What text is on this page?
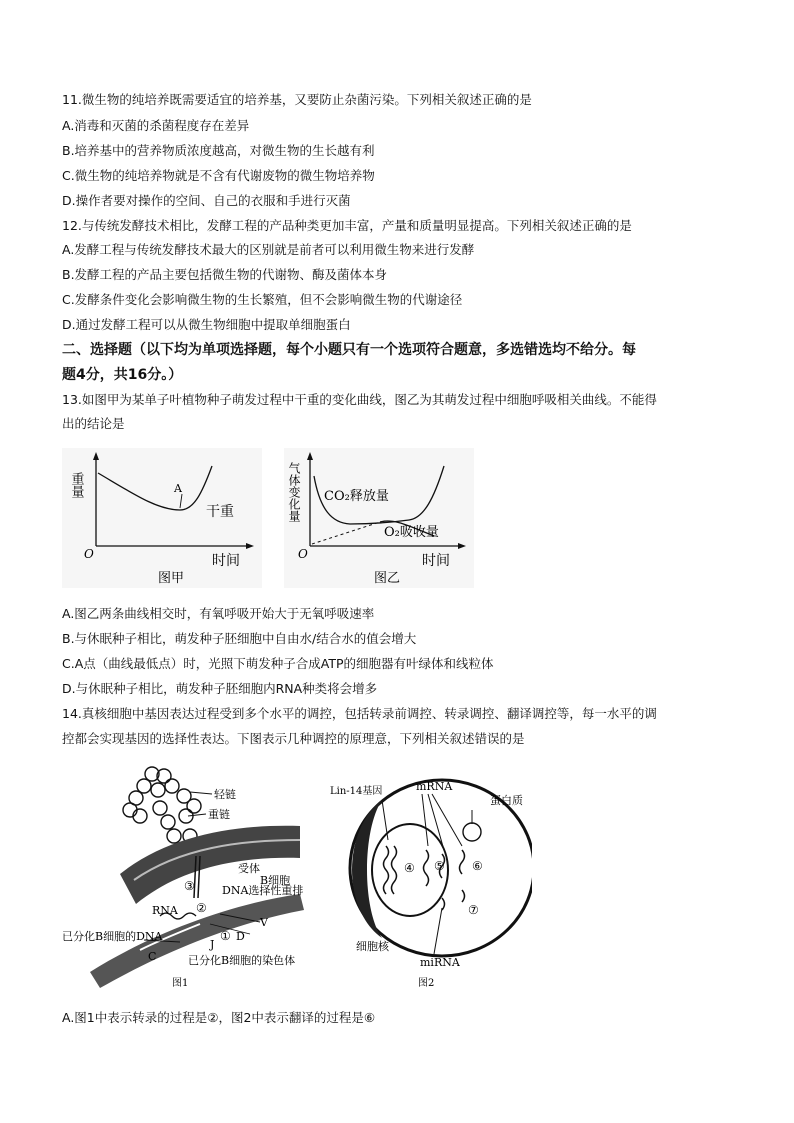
11.微生物的纯培养既需要适宜的培养基，又要防止杂菌污染。下列相关叙述正确的是
A.消毒和灭菌的杀菌程度存在差异
B.培养基中的营养物质浓度越高，对微生物的生长越有利
C.微生物的纯培养物就是不含有代谢废物的微生物培养物
D.操作者要对操作的空间、自己的衣服和手进行灭菌
12.与传统发酵技术相比，发酵工程的产品种类更加丰富，产量和质量明显提高。下列相关叙述正确的是
A.发酵工程与传统发酵技术最大的区别就是前者可以利用微生物来进行发酵
B.发酵工程的产品主要包括微生物的代谢物、酶及菌体本身
C.发酵条件变化会影响微生物的生长繁殖，但不会影响微生物的代谢途径
D.通过发酵工程可以从微生物细胞中提取单细胞蛋白
二、选择题（以下均为单项选择题，每个小题只有一个选项符合题意，多选错选均不给分。每
题4分，共16分。）
13.如图甲为某单子叶植物种子萌发过程中干重的变化曲线，图乙为其萌发过程中细胞呼吸相关曲线。不能得
出的结论是
重量	A
干重
O	时间
图甲
气体变化量 CO₂释放量
O₂吸收量
O	时间
图乙
A.图乙两条曲线相交时，有氧呼吸开始大于无氧呼吸速率
B.与休眠种子相比，萌发种子胚细胞中自由水/结合水的值会增大
C.A点（曲线最低点）时，光照下萌发种子合成ATP的细胞器有叶绿体和线粒体
D.与休眠种子相比，萌发种子胚细胞内RNA种类将会增多
14.真核细胞中基因表达过程受到多个水平的调控，包括转录前调控、转录调控、翻译调控等，每一水平的调
控都会实现基因的选择性表达。下图表示几种调控的原理意，下列相关叙述错误的是
轻链
重链
受体
B细胞
RNA
③
②
①
DNA选择性重排
V
D
J
C
已分化B细胞的DNA
已分化B细胞的染色体
图1
Lin-14基因	mRNA
蛋白质
④ ⑤ ⑥
⑦
细胞核
miRNA
图2
A.图1中表示转录的过程是②，图2中表示翻译的过程是⑥
